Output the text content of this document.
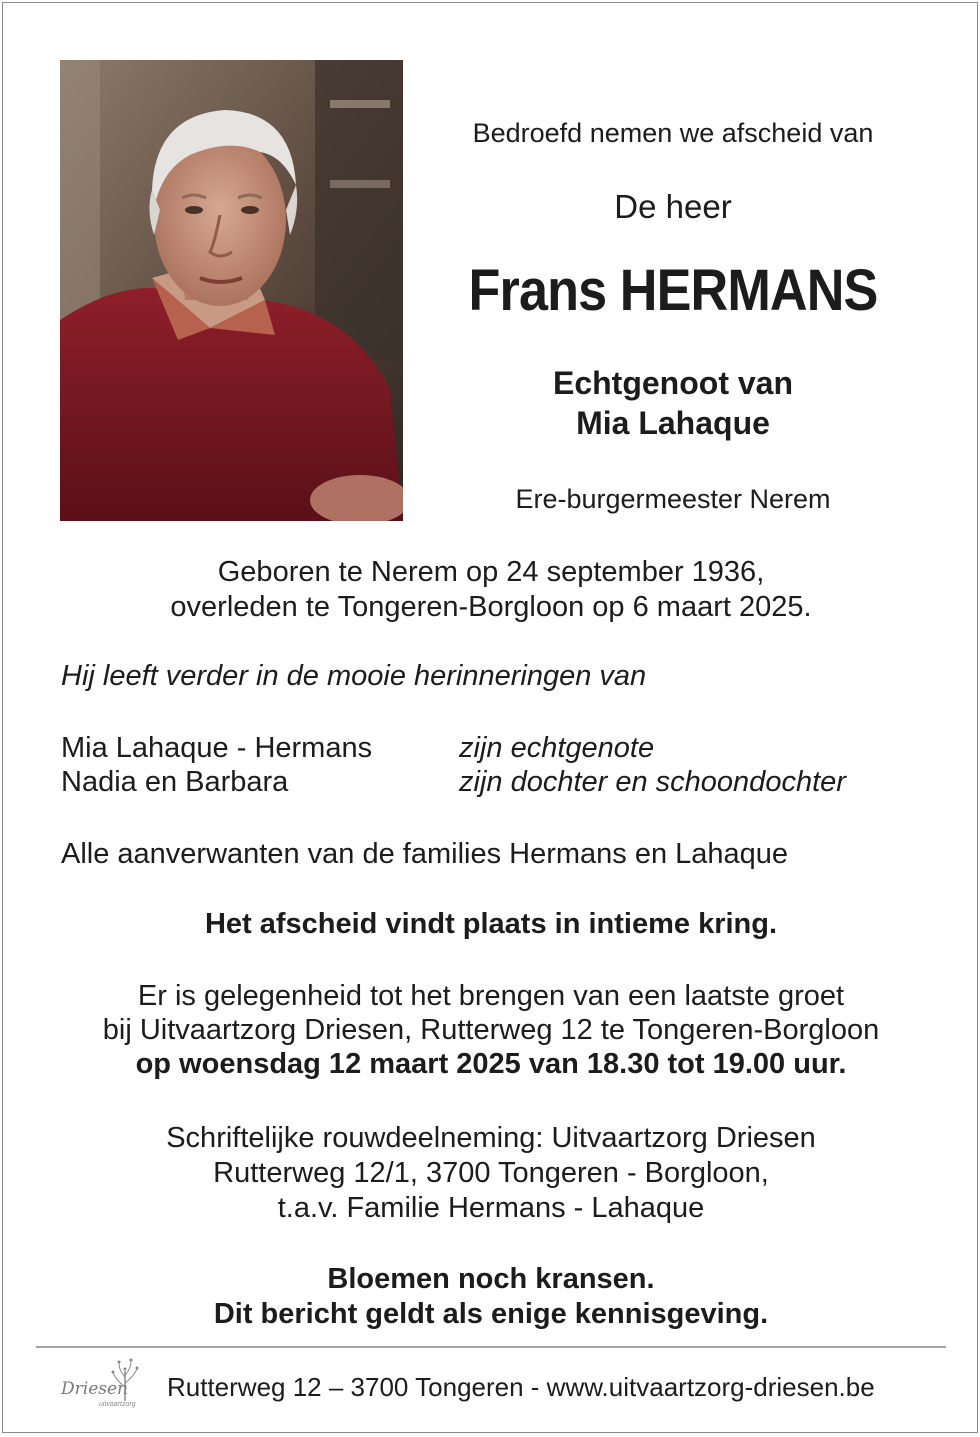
Bedroefd nemen we afscheid van
De heer
Frans HERMANS
Echtgenoot van
Mia Lahaque
Ere-burgermeester Nerem
Geboren te Nerem op 24 september 1936,
overleden te Tongeren-Borgloon op 6 maart 2025.
Hij leeft verder in de mooie herinneringen van
Mia Lahaque - Hermans	zijn echtgenote
Nadia en Barbara	zijn dochter en schoondochter
Alle aanverwanten van de families Hermans en Lahaque
Het afscheid vindt plaats in intieme kring.
Er is gelegenheid tot het brengen van een laatste groet
bij Uitvaartzorg Driesen, Rutterweg 12 te Tongeren-Borgloon
op woensdag 12 maart 2025 van 18.30 tot 19.00 uur.
Schriftelijke rouwdeelneming: Uitvaartzorg Driesen
Rutterweg 12/1, 3700 Tongeren - Borgloon,
t.a.v. Familie Hermans - Lahaque
Bloemen noch kransen.
Dit bericht geldt als enige kennisgeving.
Driesen
uitvaartzorg
Rutterweg 12 – 3700 Tongeren - www.uitvaartzorg-driesen.be
